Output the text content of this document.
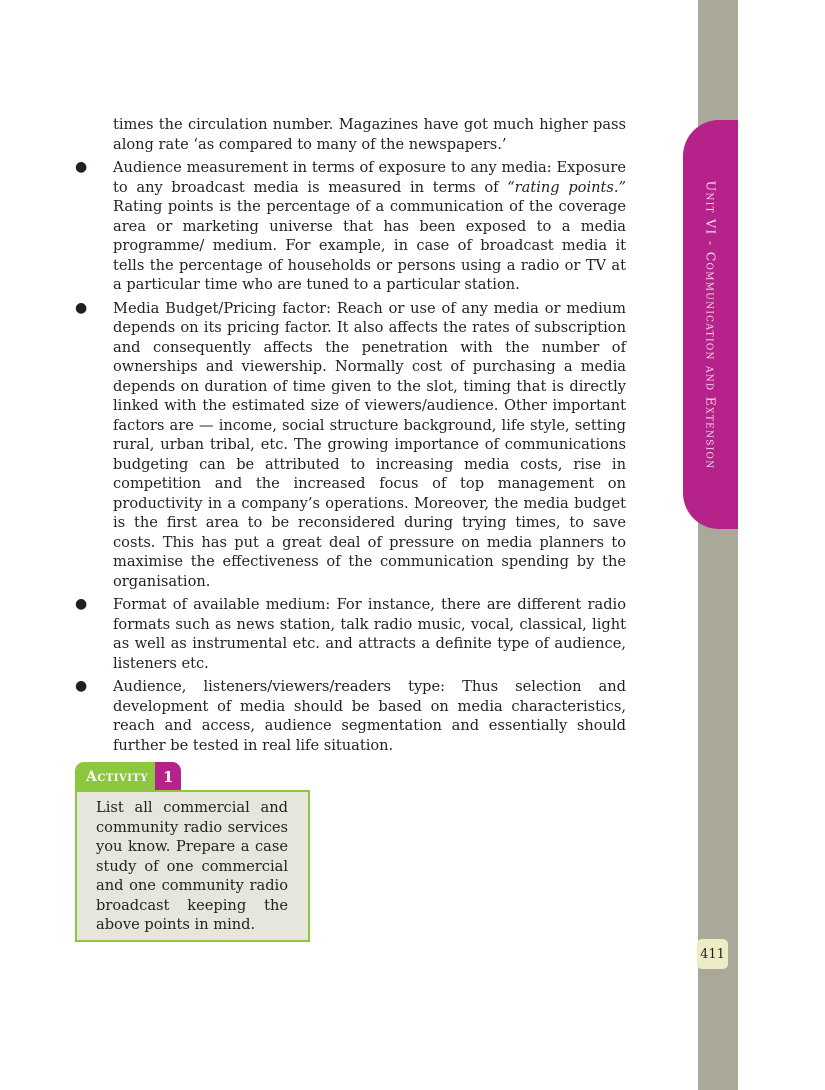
Unit VI - Communication and Extension
411

times the circulation number. Magazines have got much higher pass along rate ‘as compared to many of the newspapers.’

● Audience measurement in terms of exposure to any media: Exposure to any broadcast media is measured in terms of “rating points.” Rating points is the percentage of a communication of the coverage area or marketing universe that has been exposed to a media programme/ medium. For example, in case of broadcast media it tells the percentage of households or persons using a radio or TV at a particular time who are tuned to a particular station.

● Media Budget/Pricing factor: Reach or use of any media or medium depends on its pricing factor. It also affects the rates of subscription and consequently affects the penetration with the number of ownerships and viewership. Normally cost of purchasing a media depends on duration of time given to the slot, timing that is directly linked with the estimated size of viewers/audience. Other important factors are — income, social structure background, life style, setting rural, urban tribal, etc. The growing importance of communications budgeting can be attributed to increasing media costs, rise in competition and the increased focus of top management on productivity in a company’s operations. Moreover, the media budget is the first area to be reconsidered during trying times, to save costs. This has put a great deal of pressure on media planners to maximise the effectiveness of the communication spending by the organisation.

● Format of available medium: For instance, there are different radio formats such as news station, talk radio music, vocal, classical, light as well as instrumental etc. and attracts a definite type of audience, listeners etc.

● Audience, listeners/viewers/readers type: Thus selection and development of media should be based on media characteristics, reach and access, audience segmentation and essentially should further be tested in real life situation.

Activity	1
List all commercial and community radio services you know. Prepare a case study of one commercial and one community radio broadcast keeping the above points in mind.
